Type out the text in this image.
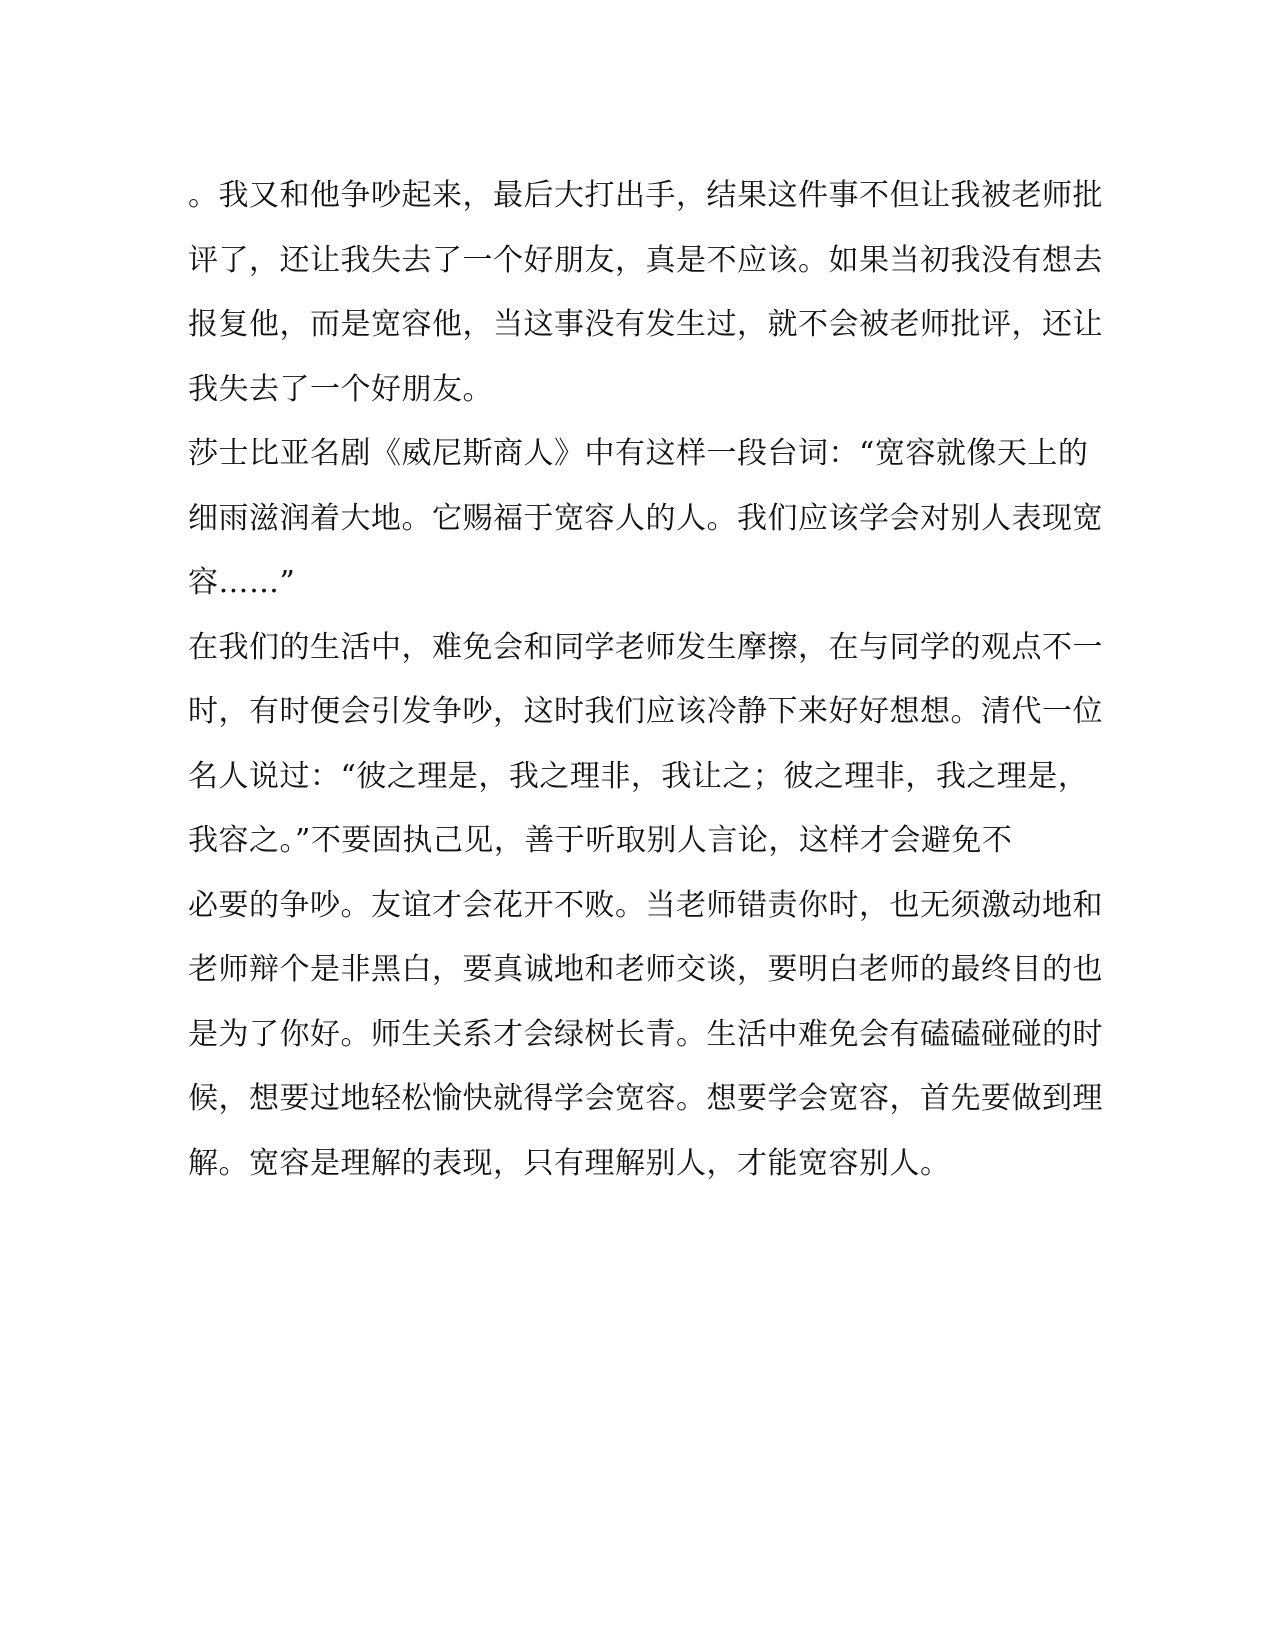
。我又和他争吵起来，最后大打出手，结果这件事不但让我被老师批
评了，还让我失去了一个好朋友，真是不应该。如果当初我没有想去
报复他，而是宽容他，当这事没有发生过，就不会被老师批评，还让
我失去了一个好朋友。
莎士比亚名剧《威尼斯商人》中有这样一段台词：“宽容就像天上的
细雨滋润着大地。它赐福于宽容人的人。我们应该学会对别人表现宽
容……”
在我们的生活中，难免会和同学老师发生摩擦，在与同学的观点不一
时，有时便会引发争吵，这时我们应该冷静下来好好想想。清代一位
名人说过：“彼之理是，我之理非，我让之；彼之理非，我之理是，
我容之。”不要固执己见，善于听取别人言论，这样才会避免不
必要的争吵。友谊才会花开不败。当老师错责你时，也无须激动地和
老师辩个是非黑白，要真诚地和老师交谈，要明白老师的最终目的也
是为了你好。师生关系才会绿树长青。生活中难免会有磕磕碰碰的时
候，想要过地轻松愉快就得学会宽容。想要学会宽容，首先要做到理
解。宽容是理解的表现，只有理解别人，才能宽容别人。
